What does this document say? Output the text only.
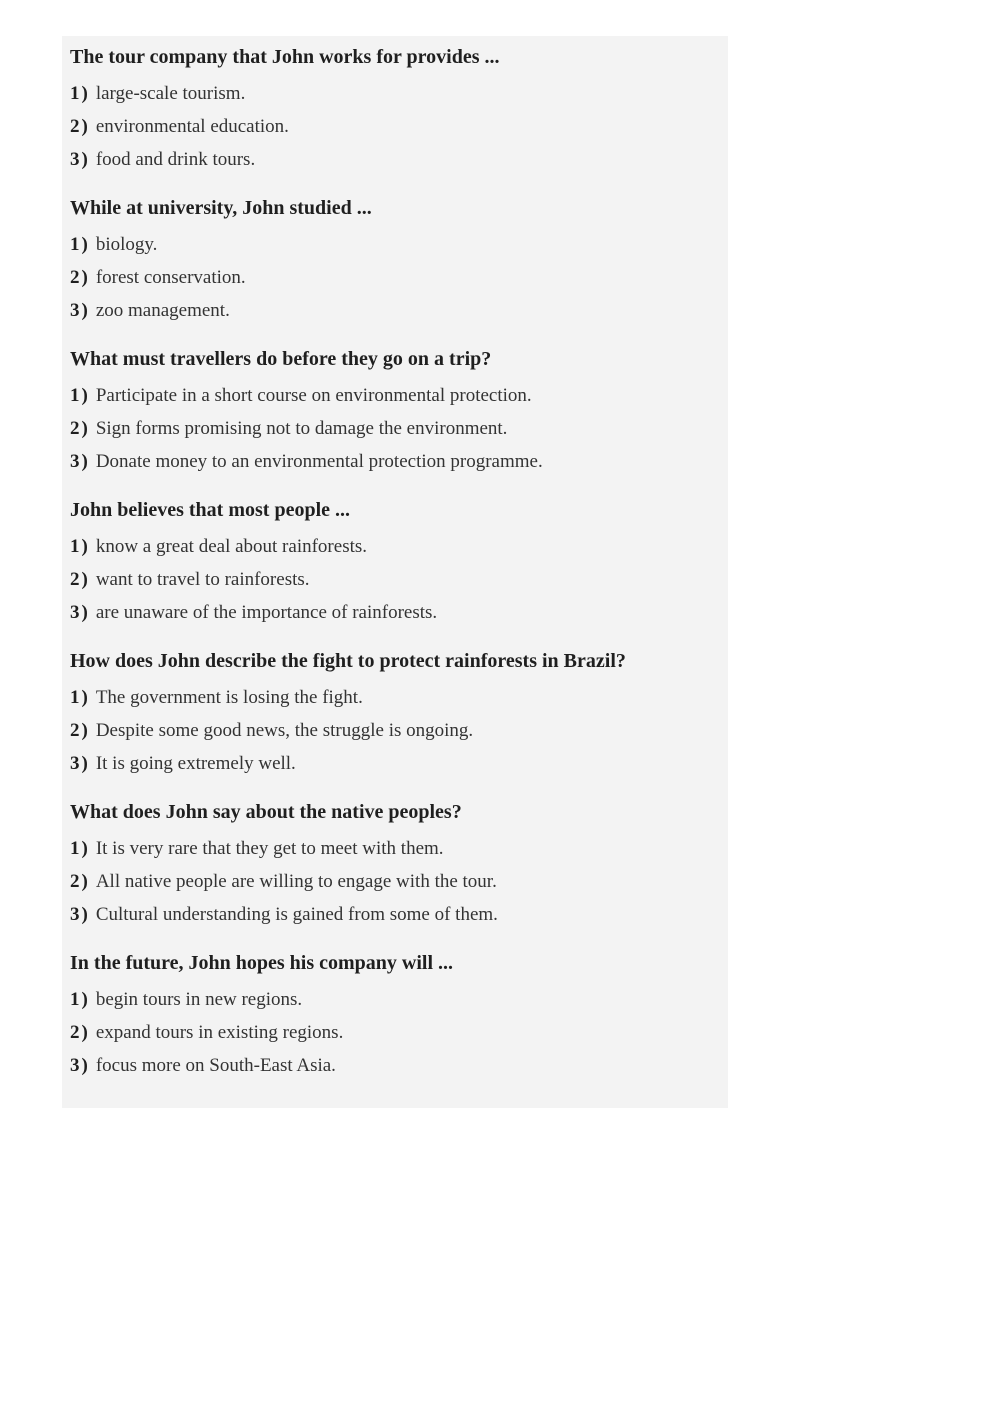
The tour company that John works for provides ...
1 ) large-scale tourism.
2 ) environmental education.
3 ) food and drink tours.
While at university, John studied ...
1 ) biology.
2 ) forest conservation.
3 ) zoo management.
What must travellers do before they go on a trip?
1 ) Participate in a short course on environmental protection.
2 ) Sign forms promising not to damage the environment.
3 ) Donate money to an environmental protection programme.
John believes that most people ...
1 ) know a great deal about rainforests.
2 ) want to travel to rainforests.
3 ) are unaware of the importance of rainforests.
How does John describe the fight to protect rainforests in Brazil?
1 ) The government is losing the fight.
2 ) Despite some good news, the struggle is ongoing.
3 ) It is going extremely well.
What does John say about the native peoples?
1 ) It is very rare that they get to meet with them.
2 ) All native people are willing to engage with the tour.
3 ) Cultural understanding is gained from some of them.
In the future, John hopes his company will ...
1 ) begin tours in new regions.
2 ) expand tours in existing regions.
3 ) focus more on South-East Asia.
